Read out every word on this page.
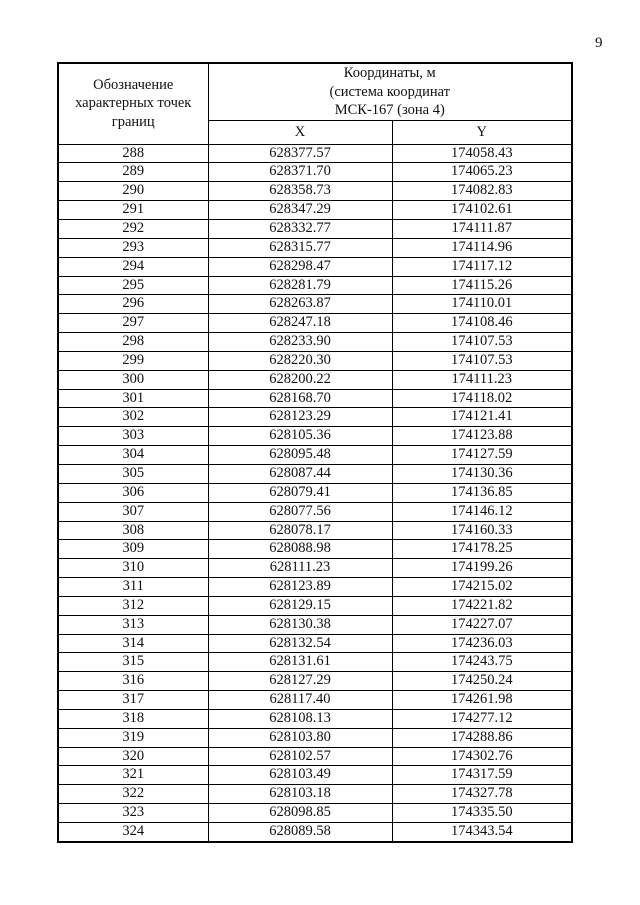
9
Обозначение характерных точек границ	Координаты, м
(система координат
МСК-167 (зона 4)	

	X	Y
288	628377.57	174058.43
289	628371.70	174065.23
290	628358.73	174082.83
291	628347.29	174102.61
292	628332.77	174111.87
293	628315.77	174114.96
294	628298.47	174117.12
295	628281.79	174115.26
296	628263.87	174110.01
297	628247.18	174108.46
298	628233.90	174107.53
299	628220.30	174107.53
300	628200.22	174111.23
301	628168.70	174118.02
302	628123.29	174121.41
303	628105.36	174123.88
304	628095.48	174127.59
305	628087.44	174130.36
306	628079.41	174136.85
307	628077.56	174146.12
308	628078.17	174160.33
309	628088.98	174178.25
310	628111.23	174199.26
311	628123.89	174215.02
312	628129.15	174221.82
313	628130.38	174227.07
314	628132.54	174236.03
315	628131.61	174243.75
316	628127.29	174250.24
317	628117.40	174261.98
318	628108.13	174277.12
319	628103.80	174288.86
320	628102.57	174302.76
321	628103.49	174317.59
322	628103.18	174327.78
323	628098.85	174335.50
324	628089.58	174343.54
